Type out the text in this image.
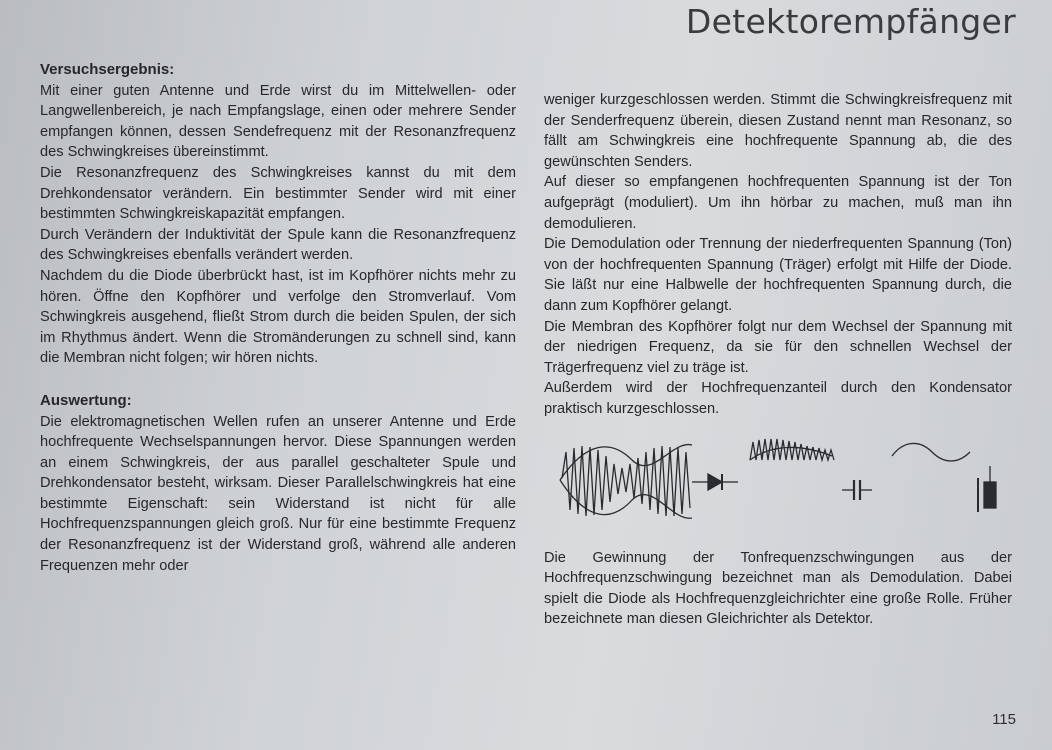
Detektorempfänger

Versuchsergebnis:

Mit einer guten Antenne und Erde wirst du im Mittelwellen- oder Langwellenbereich, je nach Empfangslage, einen oder mehrere Sender empfangen können, dessen Sendefrequenz mit der Resonanzfrequenz des Schwingkreises übereinstimmt.

Die Resonanzfrequenz des Schwingkreises kannst du mit dem Drehkondensator verändern. Ein bestimmter Sender wird mit einer bestimmten Schwingkreiskapazität empfangen.

Durch Verändern der Induktivität der Spule kann die Resonanzfrequenz des Schwingkreises ebenfalls verändert werden.

Nachdem du die Diode überbrückt hast, ist im Kopfhörer nichts mehr zu hören. Öffne den Kopfhörer und verfolge den Stromverlauf. Vom Schwingkreis ausgehend, fließt Strom durch die beiden Spulen, der sich im Rhythmus ändert. Wenn die Stromänderungen zu schnell sind, kann die Membran nicht folgen; wir hören nichts.

Auswertung:

Die elektromagnetischen Wellen rufen an unserer Antenne und Erde hochfrequente Wechselspannungen hervor. Diese Spannungen werden an einem Schwingkreis, der aus parallel geschalteter Spule und Drehkondensator besteht, wirksam. Dieser Parallelschwingkreis hat eine bestimmte Eigenschaft: sein Widerstand ist nicht für alle Hochfrequenzspannungen gleich groß. Nur für eine bestimmte Frequenz der Resonanzfrequenz ist der Widerstand groß, während alle anderen Frequenzen mehr oder

weniger kurzgeschlossen werden. Stimmt die Schwingkreisfrequenz mit der Senderfrequenz überein, diesen Zustand nennt man Resonanz, so fällt am Schwingkreis eine hochfrequente Spannung ab, die des gewünschten Senders.

Auf dieser so empfangenen hochfrequenten Spannung ist der Ton aufgeprägt (moduliert). Um ihn hörbar zu machen, muß man ihn demodulieren.

Die Demodulation oder Trennung der niederfrequenten Spannung (Ton) von der hochfrequenten Spannung (Träger) erfolgt mit Hilfe der Diode. Sie läßt nur eine Halbwelle der hochfrequenten Spannung durch, die dann zum Kopfhörer gelangt.

Die Membran des Kopfhörer folgt nur dem Wechsel der Spannung mit der niedrigen Frequenz, da sie für den schnellen Wechsel der Trägerfrequenz viel zu träge ist.

Außerdem wird der Hochfrequenzanteil durch den Kondensator praktisch kurzgeschlossen.

Die Gewinnung der Tonfrequenzschwingungen aus der Hochfrequenzschwingung bezeichnet man als Demodulation. Dabei spielt die Diode als Hochfrequenzgleichrichter eine große Rolle. Früher bezeichnete man diesen Gleichrichter als Detektor.

115
